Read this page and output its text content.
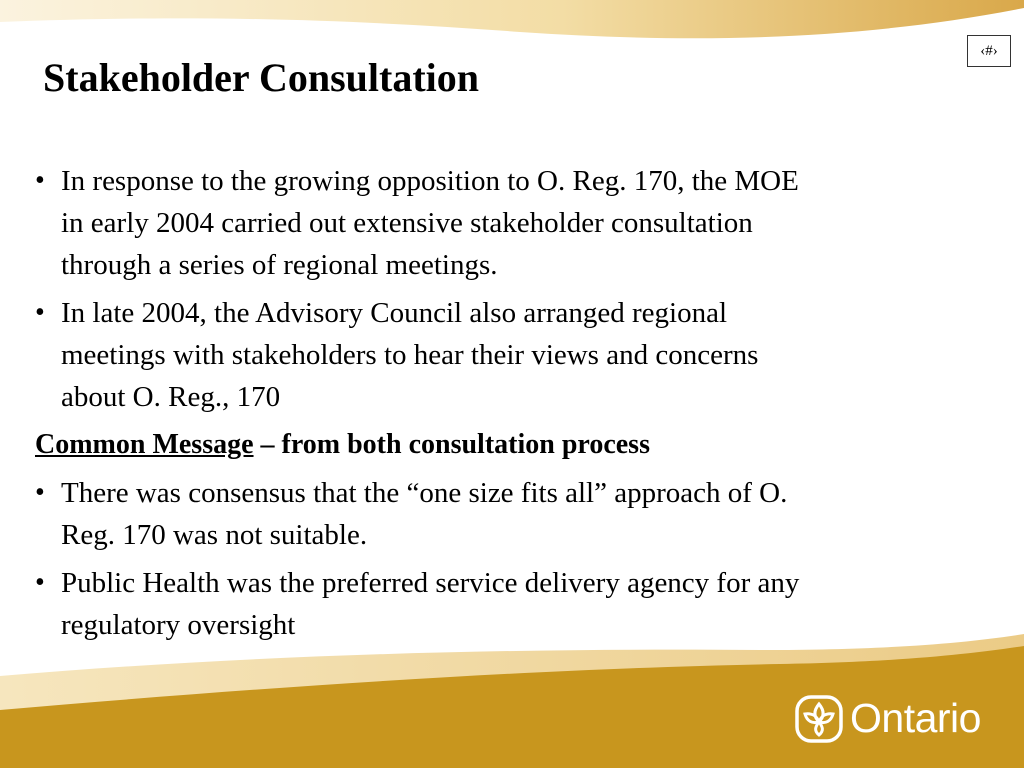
‹#›
Stakeholder Consultation
• In response to the growing opposition to O. Reg. 170, the MOE
in early 2004 carried out extensive stakeholder consultation
through a series of regional meetings.
• In late 2004, the Advisory Council also arranged regional
meetings with stakeholders to hear their views and concerns
about O. Reg., 170

Common Message – from both consultation process

• There was consensus that the “one size fits all” approach of O.
Reg. 170 was not suitable.
• Public Health was the preferred service delivery agency for any
regulatory oversight
Ontario
